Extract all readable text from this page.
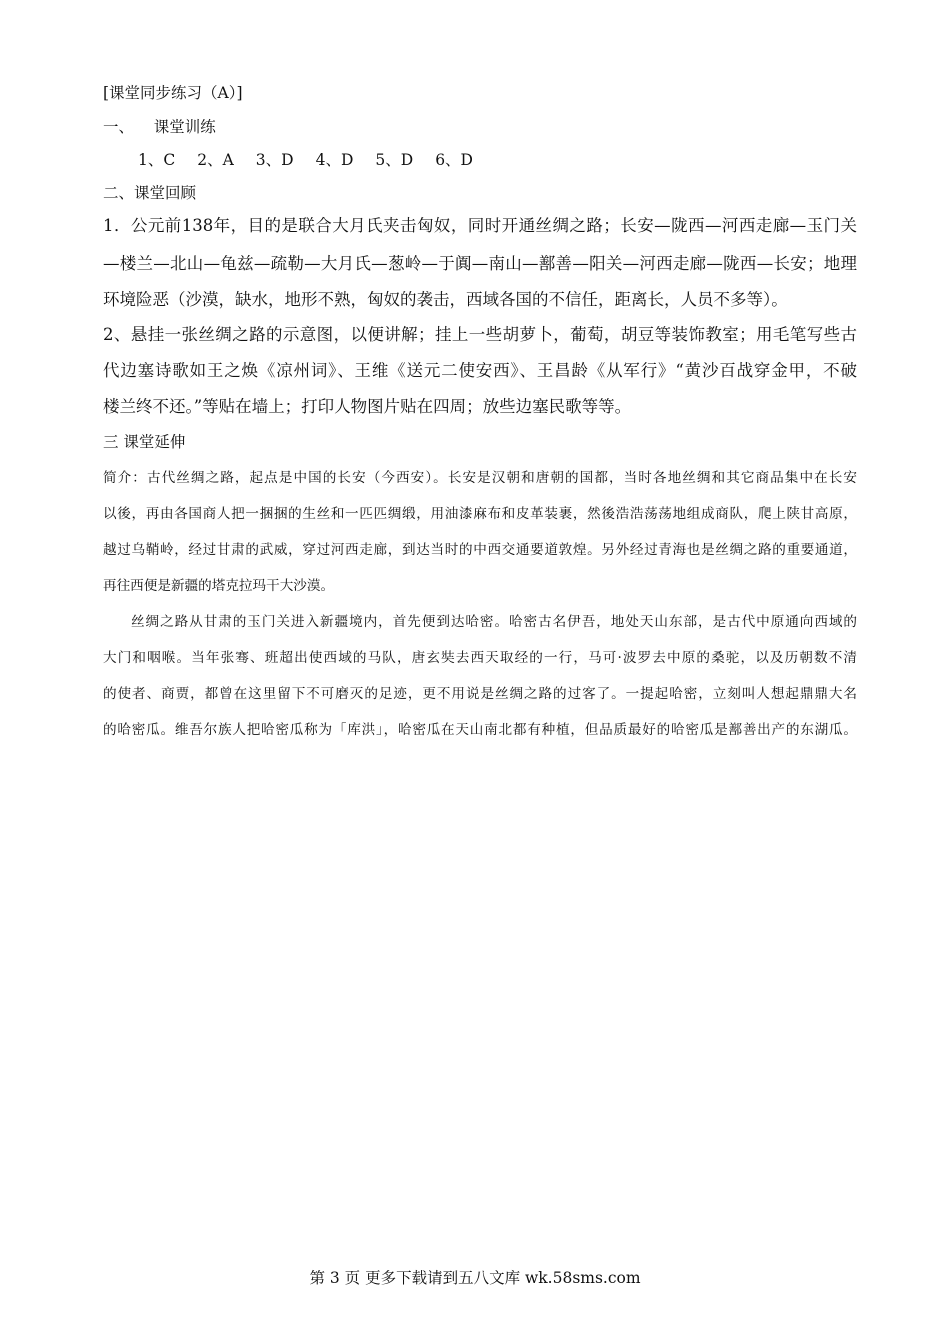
[课堂同步练习（A）]
一、    课堂训练
1、C 2、A 3、D 4、D 5、D 6、D
二、课堂回顾
1．公元前138年，目的是联合大月氏夹击匈奴，同时开通丝绸之路；长安—陇西—河西走廊—玉门关
—楼兰—北山—龟兹—疏勒—大月氏—葱岭—于阗—南山—鄯善—阳关—河西走廊—陇西—长安；地理
环境险恶（沙漠，缺水，地形不熟，匈奴的袭击，西域各国的不信任，距离长，人员不多等）。
2、悬挂一张丝绸之路的示意图，以便讲解；挂上一些胡萝卜，葡萄，胡豆等装饰教室；用毛笔写些古
代边塞诗歌如王之焕《凉州词》、王维《送元二使安西》、王昌龄《从军行》“黄沙百战穿金甲，不破
楼兰终不还。”等贴在墙上；打印人物图片贴在四周；放些边塞民歌等等。
三 课堂延伸
简介：古代丝绸之路，起点是中国的长安（今西安）。长安是汉朝和唐朝的国都，当时各地丝绸和其它商品集中在长安
以後，再由各国商人把一捆捆的生丝和一匹匹绸缎，用油漆麻布和皮革装裹，然後浩浩荡荡地组成商队，爬上陕甘高原，
越过乌鞘岭，经过甘肃的武威，穿过河西走廊，到达当时的中西交通要道敦煌。另外经过青海也是丝绸之路的重要通道，
再往西便是新疆的塔克拉玛干大沙漠。
丝绸之路从甘肃的玉门关进入新疆境内，首先便到达哈密。哈密古名伊吾，地处天山东部，是古代中原通向西域的
大门和咽喉。当年张骞、班超出使西域的马队，唐玄奘去西天取经的一行，马可·波罗去中原的桑驼，以及历朝数不清
的使者、商贾，都曾在这里留下不可磨灭的足迹，更不用说是丝绸之路的过客了。一提起哈密，立刻叫人想起鼎鼎大名
的哈密瓜。维吾尔族人把哈密瓜称为「库洪」，哈密瓜在天山南北都有种植，但品质最好的哈密瓜是鄯善出产的东湖瓜。
第 3 页 更多下载请到五八文库 wk.58sms.com
